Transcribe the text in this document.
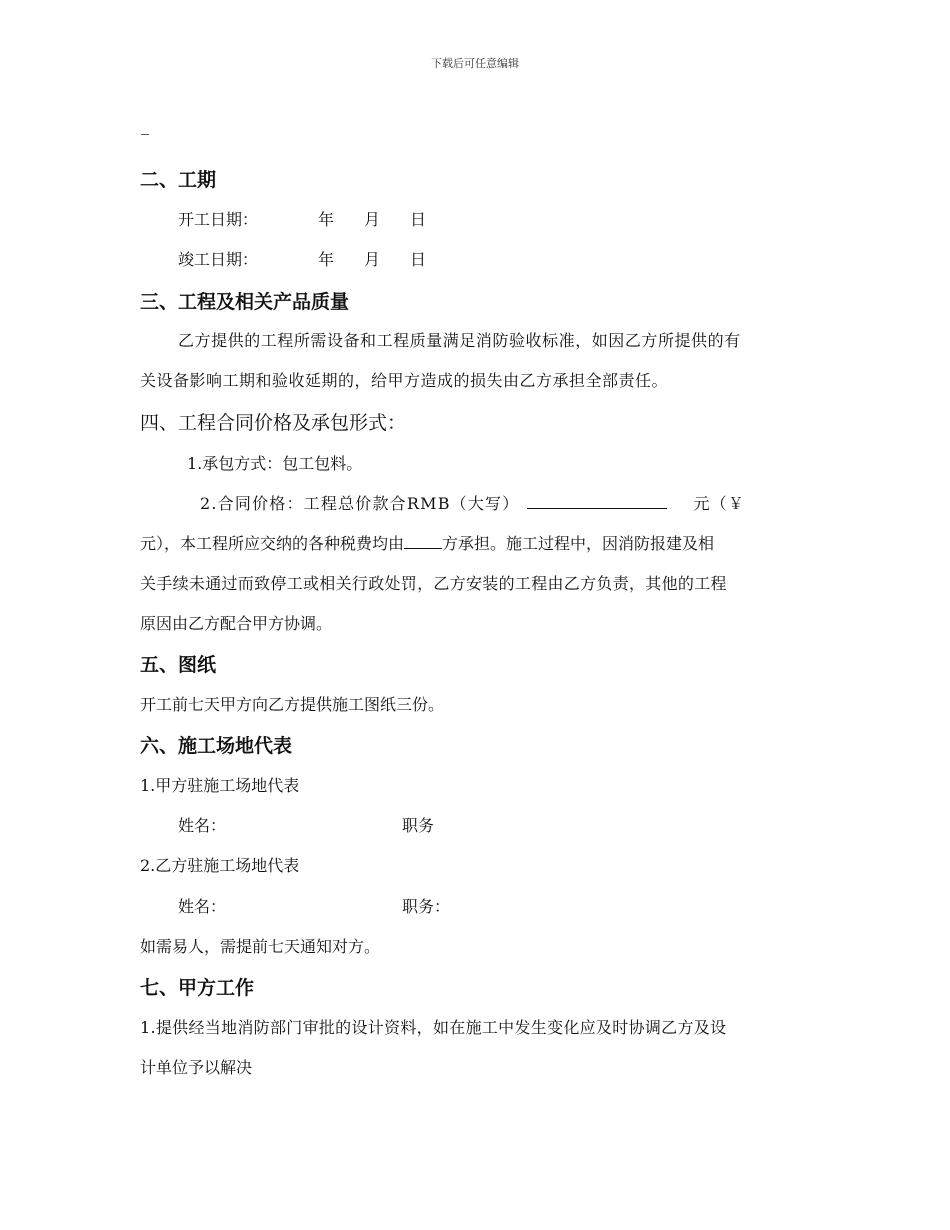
下载后可任意编辑
二、工期
开工日期：	年 月 日
竣工日期：	年 月 日
三、工程及相关产品质量
乙方提供的工程所需设备和工程质量满足消防验收标准，如因乙方所提供的有
关设备影响工期和验收延期的，给甲方造成的损失由乙方承担全部责任。
四、工程合同价格及承包形式：
1.承包方式：包工包料。
2.合同价格：工程总价款合RMB（大写）	元（￥
元），本工程所应交纳的各种税费均由 方承担。施工过程中，因消防报建及相
关手续未通过而致停工或相关行政处罚，乙方安装的工程由乙方负责，其他的工程
原因由乙方配合甲方协调。
五、图纸
开工前七天甲方向乙方提供施工图纸三份。
六、施工场地代表
1.甲方驻施工场地代表
姓名：	职务
2.乙方驻施工场地代表
姓名：	职务：
如需易人，需提前七天通知对方。
七、甲方工作
1.提供经当地消防部门审批的设计资料，如在施工中发生变化应及时协调乙方及设
计单位予以解决
